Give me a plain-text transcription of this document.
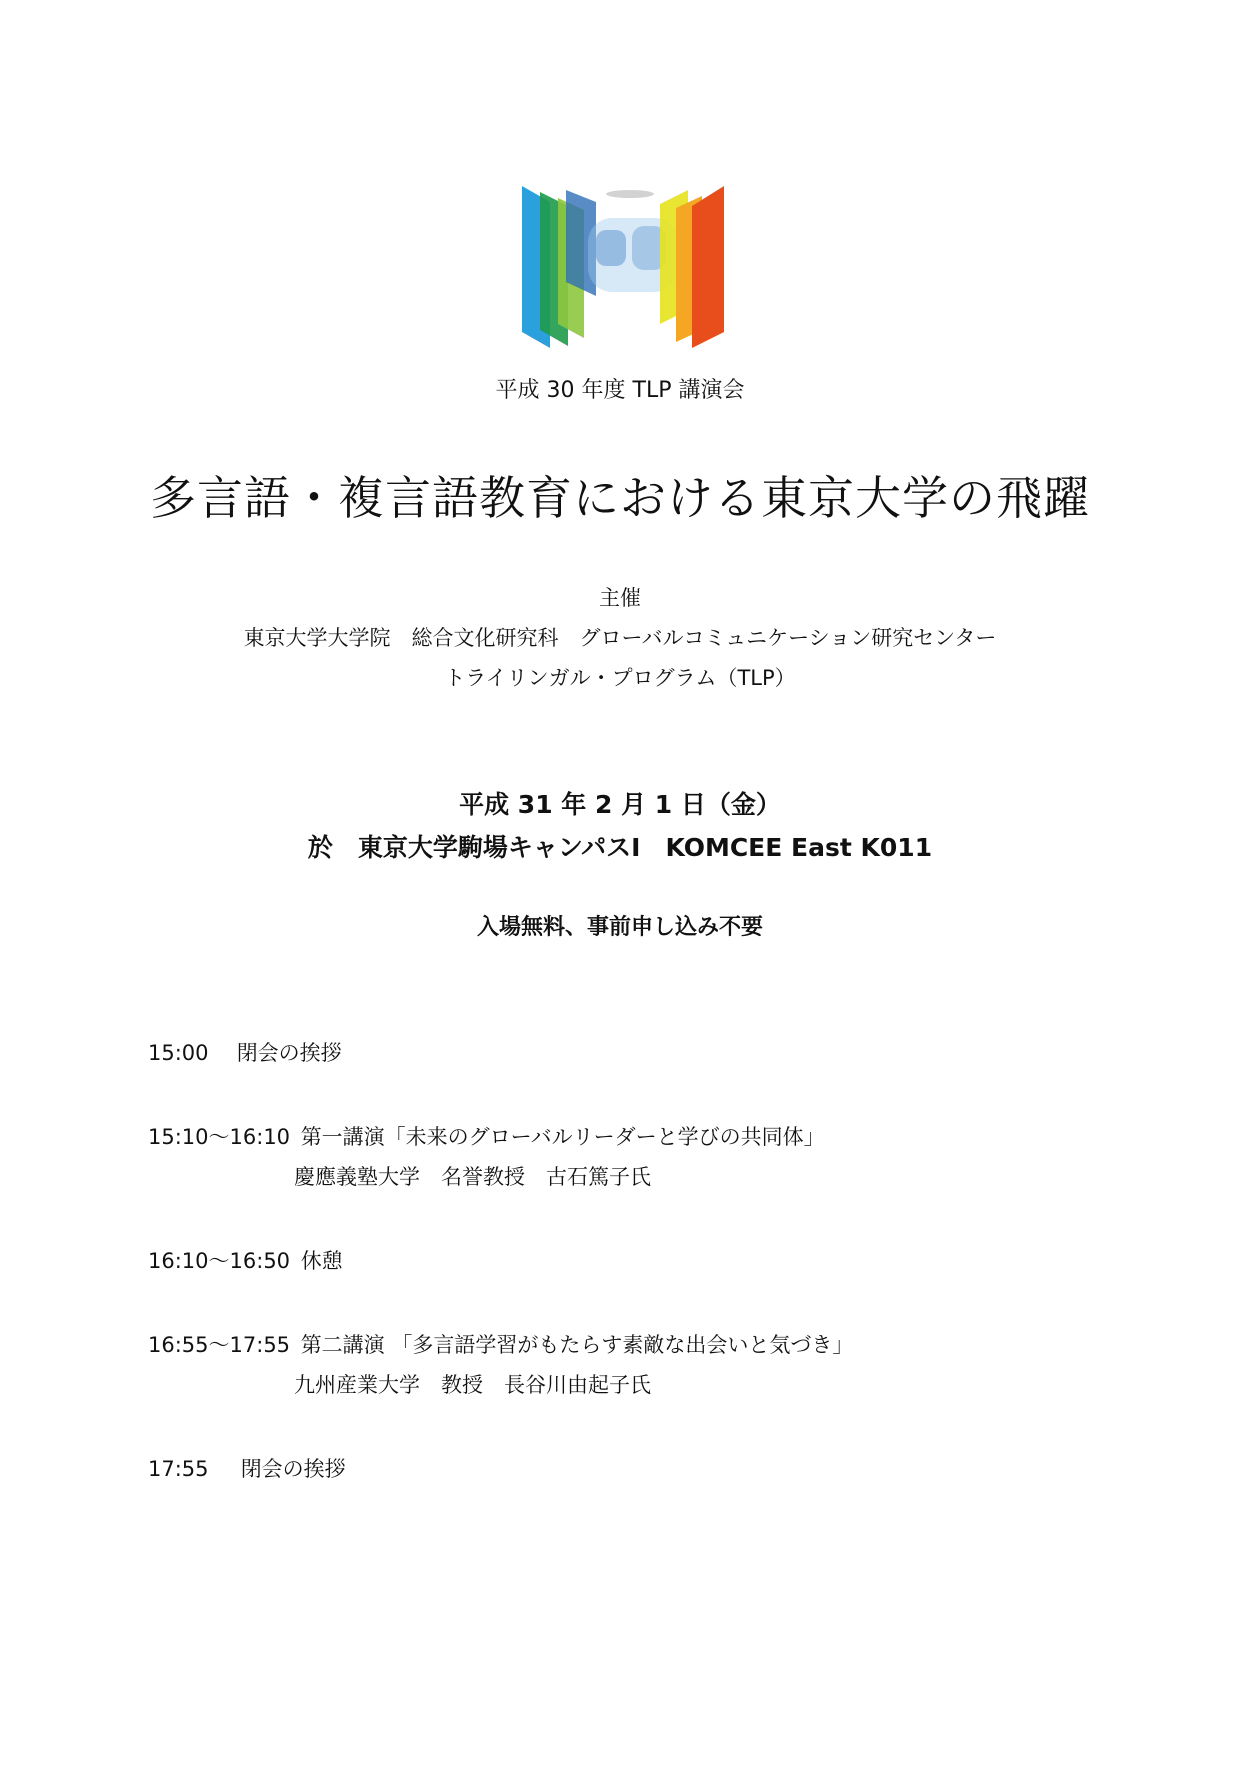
平成 30 年度 TLP 講演会
多言語・複言語教育における東京大学の飛躍
主催
東京大学大学院　総合文化研究科　グローバルコミュニケーション研究センター
トライリンガル・プログラム（TLP）
平成 31 年 2 月 1 日（金）
於　東京大学駒場キャンパスⅠ　KOMCEE East K011
入場無料、事前申し込み不要
15:00 閉会の挨拶
15:10～16:10 第一講演「未来のグローバルリーダーと学びの共同体」
慶應義塾大学　名誉教授　古石篤子氏
16:10～16:50 休憩
16:55～17:55 第二講演 「多言語学習がもたらす素敵な出会いと気づき」
九州産業大学　教授　長谷川由起子氏
17:55 閉会の挨拶
